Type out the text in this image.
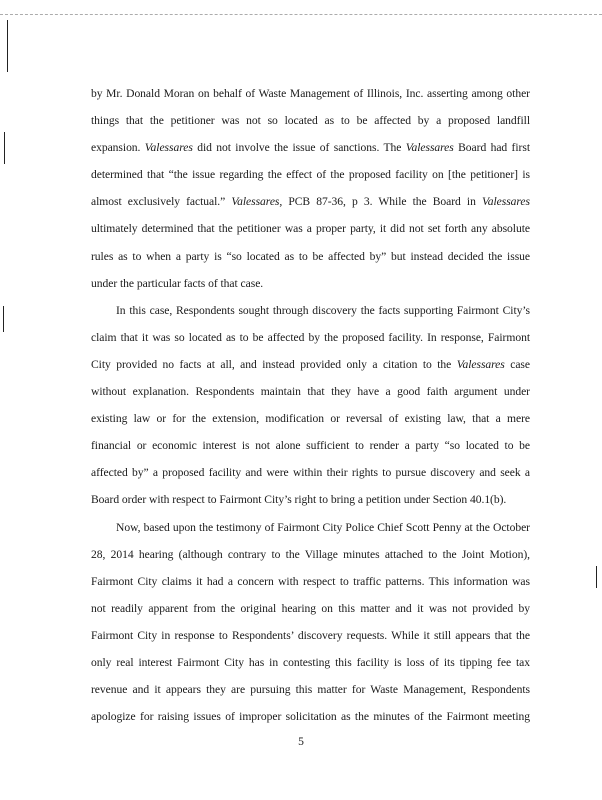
by Mr. Donald Moran on behalf of Waste Management of Illinois, Inc. asserting among other
things that the petitioner was not so located as to be affected by a proposed landfill
expansion. Valessares did not involve the issue of sanctions. The Valessares Board had first
determined that “the issue regarding the effect of the proposed facility on [the petitioner] is
almost exclusively factual.” Valessares, PCB 87-36, p 3. While the Board in Valessares
ultimately determined that the petitioner was a proper party, it did not set forth any absolute
rules as to when a party is “so located as to be affected by” but instead decided the issue
under the particular facts of that case.
In this case, Respondents sought through discovery the facts supporting Fairmont City’s
claim that it was so located as to be affected by the proposed facility. In response, Fairmont
City provided no facts at all, and instead provided only a citation to the Valessares case
without explanation. Respondents maintain that they have a good faith argument under
existing law or for the extension, modification or reversal of existing law, that a mere
financial or economic interest is not alone sufficient to render a party “so located to be
affected by” a proposed facility and were within their rights to pursue discovery and seek a
Board order with respect to Fairmont City’s right to bring a petition under Section 40.1(b).
Now, based upon the testimony of Fairmont City Police Chief Scott Penny at the October
28, 2014 hearing (although contrary to the Village minutes attached to the Joint Motion),
Fairmont City claims it had a concern with respect to traffic patterns. This information was
not readily apparent from the original hearing on this matter and it was not provided by
Fairmont City in response to Respondents’ discovery requests. While it still appears that the
only real interest Fairmont City has in contesting this facility is loss of its tipping fee tax
revenue and it appears they are pursuing this matter for Waste Management, Respondents
apologize for raising issues of improper solicitation as the minutes of the Fairmont meeting
5
